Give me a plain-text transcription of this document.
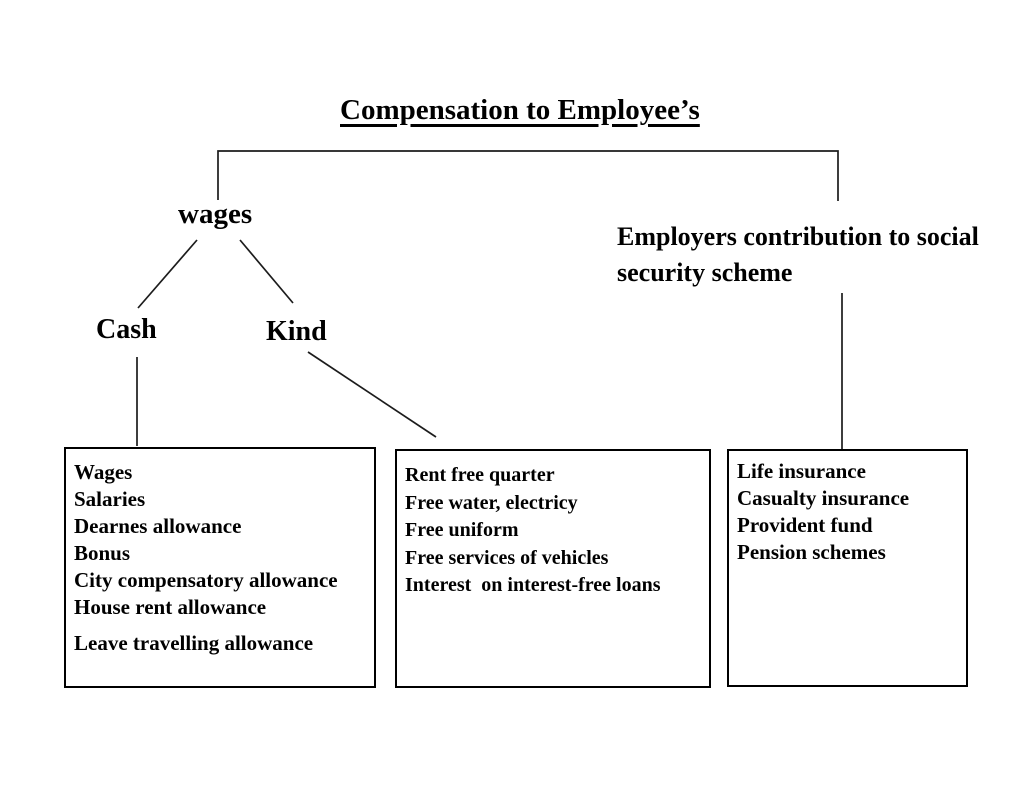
Compensation to Employee’s
wages
Employers contribution to social security scheme
Cash	Kind
Wages
Salaries
Dearnes allowance
Bonus
City compensatory allowance
House rent allowance
Leave travelling allowance
Rent free quarter
Free water, electricy
Free uniform
Free services of vehicles
Interest  on interest-free loans
Life insurance
Casualty insurance
Provident fund
Pension schemes
